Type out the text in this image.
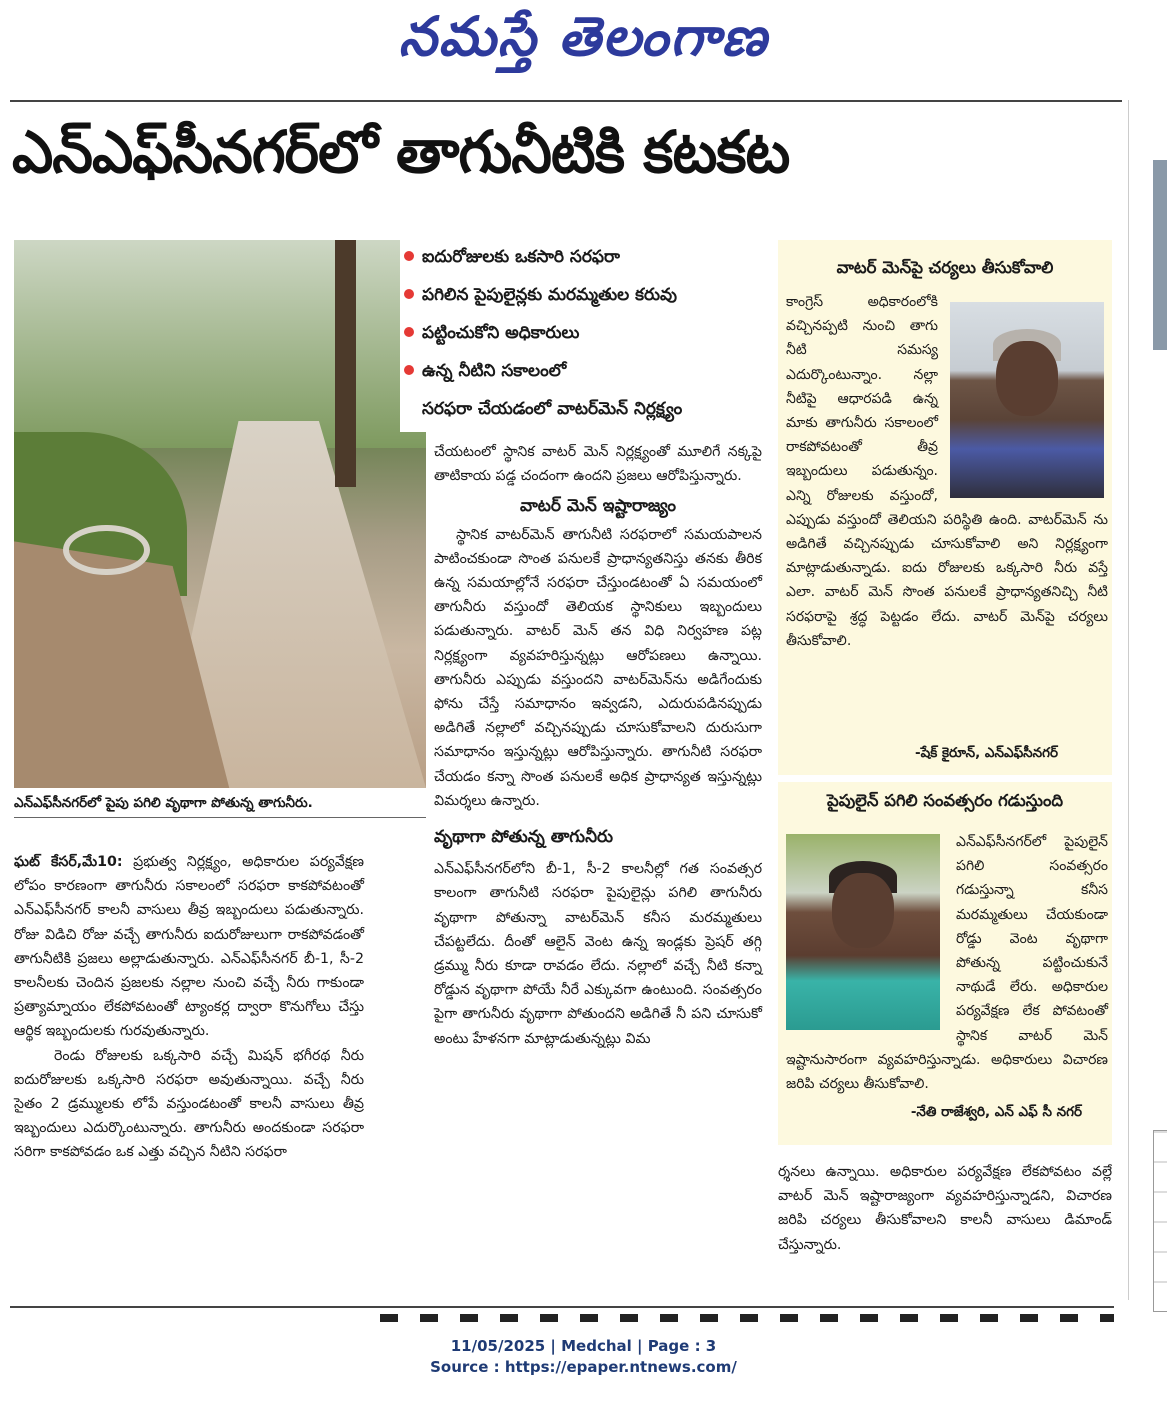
నమస్తే తెలంగాణ
ఎన్‌ఎఫ్‌సీనగర్‌లో తాగునీటికి కటకట
ఎన్‌ఎఫ్‌సీనగర్‌లో పైపు పగిలి వృథాగా పోతున్న తాగునీరు.
ఐదురోజులకు ఒకసారి సరఫరా
పగిలిన పైపులైన్లకు మరమ్మతుల కరువు
పట్టించుకోని అధికారులు
ఉన్న నీటిని సకాలంలో
సరఫరా చేయడంలో వాటర్‌మెన్ నిర్లక్ష్యం

ఘట్ కేసర్,మే10: ప్రభుత్వ నిర్లక్ష్యం, అధికారుల పర్యవేక్షణ లోపం కారణంగా తాగునీరు సకాలంలో సరఫరా కాకపోవటంతో ఎన్‌ఎఫ్‌సీనగర్ కాలనీ వాసులు తీవ్ర ఇబ్బందులు పడుతున్నారు. రోజు విడిచి రోజు వచ్చే తాగునీరు ఐదురోజులుగా రాకపోవడంతో తాగునీటికి ప్రజలు అల్లాడుతున్నారు. ఎన్‌ఎఫ్‌సీనగర్ బీ-1, సీ-2 కాలనీలకు చెందిన ప్రజలకు నల్లాల నుంచి వచ్చే నీరు గాకుండా ప్రత్యామ్నాయం లేకపోవటంతో ట్యాంకర్ల ద్వారా కొనుగోలు చేస్తు ఆర్థిక ఇబ్బందులకు గురవుతున్నారు.

రెండు రోజులకు ఒక్కసారి వచ్చే మిషన్ భగీరథ నీరు ఐదురోజులకు ఒక్కసారి సరఫరా అవుతున్నాయి. వచ్చే నీరు సైతం 2 డ్రమ్ములకు లోపే వస్తుండటంతో కాలనీ వాసులు తీవ్ర ఇబ్బందులు ఎదుర్కొంటున్నారు. తాగునీరు అందకుండా సరఫరా సరిగా కాకపోవడం ఒక ఎత్తు వచ్చిన నీటిని సరఫరా

చేయటంలో స్థానిక వాటర్ మెన్ నిర్లక్ష్యంతో మూలిగే నక్కపై తాటికాయ పడ్డ చందంగా ఉందని ప్రజలు ఆరోపిస్తున్నారు.

వాటర్ మెన్ ఇష్టారాజ్యం

స్థానిక వాటర్‌మెన్ తాగునీటి సరఫరాలో సమయపాలన పాటించకుండా సొంత పనులకే ప్రాధాన్యతనిస్తు తనకు తీరిక ఉన్న సమయాల్లోనే సరఫరా చేస్తుండటంతో ఏ సమయంలో తాగునీరు వస్తుందో తెలియక స్థానికులు ఇబ్బందులు పడుతున్నారు. వాటర్ మెన్ తన విధి నిర్వహణ పట్ల నిర్లక్ష్యంగా వ్యవహరిస్తున్నట్లు ఆరోపణలు ఉన్నాయి. తాగునీరు ఎప్పుడు వస్తుందని వాటర్‌మెన్‌ను అడిగేందుకు ఫోను చేస్తే సమాధానం ఇవ్వడని, ఎదురుపడినప్పుడు అడిగితే నల్లాలో వచ్చినప్పుడు చూసుకోవాలని దురుసుగా సమాధానం ఇస్తున్నట్లు ఆరోపిస్తున్నారు. తాగునీటి సరఫరా చేయడం కన్నా సొంత పనులకే అధిక ప్రాధాన్యత ఇస్తున్నట్లు విమర్శలు ఉన్నారు.

వృథాగా పోతున్న తాగునీరు

ఎన్‌ఎఫ్‌సీనగర్‌లోని బీ-1, సీ-2 కాలనీల్లో గత సంవత్సర కాలంగా తాగునీటి సరఫరా పైపులైన్లు పగిలి తాగునీరు వృథాగా పోతున్నా వాటర్‌మెన్ కనీస మరమ్మతులు చేపట్టలేదు. దీంతో ఆలైన్ వెంట ఉన్న ఇండ్లకు ప్రెషర్ తగ్గి డ్రమ్ము నీరు కూడా రావడం లేదు. నల్లాలో వచ్చే నీటి కన్నా రోడ్డున వృథాగా పోయే నీరే ఎక్కువగా ఉంటుంది. సంవత్సరం పైగా తాగునీరు వృథాగా పోతుందని అడిగితే నీ పని చూసుకో అంటు హేళనగా మాట్లాడుతున్నట్లు విమ

వాటర్ మెన్‌పై చర్యలు తీసుకోవాలి
కాంగ్రెస్ అధికారంలోకి వచ్చినప్పటి నుంచి తాగు నీటి సమస్య ఎదుర్కొంటున్నాం. నల్లా నీటిపై ఆధారపడి ఉన్న మాకు తాగునీరు సకాలంలో రాకపోవటంతో తీవ్ర ఇబ్బందులు పడుతున్నం. ఎన్ని రోజులకు వస్తుందో, ఎప్పుడు వస్తుందో తెలియని పరిస్థితి ఉంది. వాటర్‌మెన్ ను అడిగితే వచ్చినప్పుడు చూసుకోవాలి అని నిర్లక్ష్యంగా మాట్లాడుతున్నాడు. ఐదు రోజులకు ఒక్కసారి నీరు వస్తే ఎలా. వాటర్ మెన్ సొంత పనులకే ప్రాధాన్యతనిచ్చి నీటి సరఫరాపై శ్రద్ధ పెట్టడం లేదు. వాటర్ మెన్‌పై చర్యలు తీసుకోవాలి.
-షేక్ కైరూన్, ఎన్‌ఎఫ్‌సీనగర్
పైపులైన్ పగిలి సంవత్సరం గడుస్తుంది
ఎన్‌ఎఫ్‌సీనగర్‌లో పైపులైన్ పగిలి సంవత్సరం గడుస్తున్నా కనీస మరమ్మతులు చేయకుండా రోడ్డు వెంట వృథాగా పోతున్న పట్టించుకునే నాథుడే లేరు. అధికారుల పర్యవేక్షణ లేక పోవటంతో స్థానిక వాటర్ మెన్ ఇష్టానుసారంగా వ్యవహరిస్తున్నాడు. అధికారులు విచారణ జరిపి చర్యలు తీసుకోవాలి.
-నేతి రాజేశ్వరి, ఎన్ ఎఫ్ సీ నగర్
ర్శనలు ఉన్నాయి. అధికారుల పర్యవేక్షణ లేకపోవటం వల్లే వాటర్ మెన్ ఇష్టారాజ్యంగా వ్యవహరిస్తున్నాడని, విచారణ జరిపి చర్యలు తీసుకోవాలని కాలనీ వాసులు డిమాండ్ చేస్తున్నారు.
11/05/2025 | Medchal | Page : 3
Source : https://epaper.ntnews.com/
